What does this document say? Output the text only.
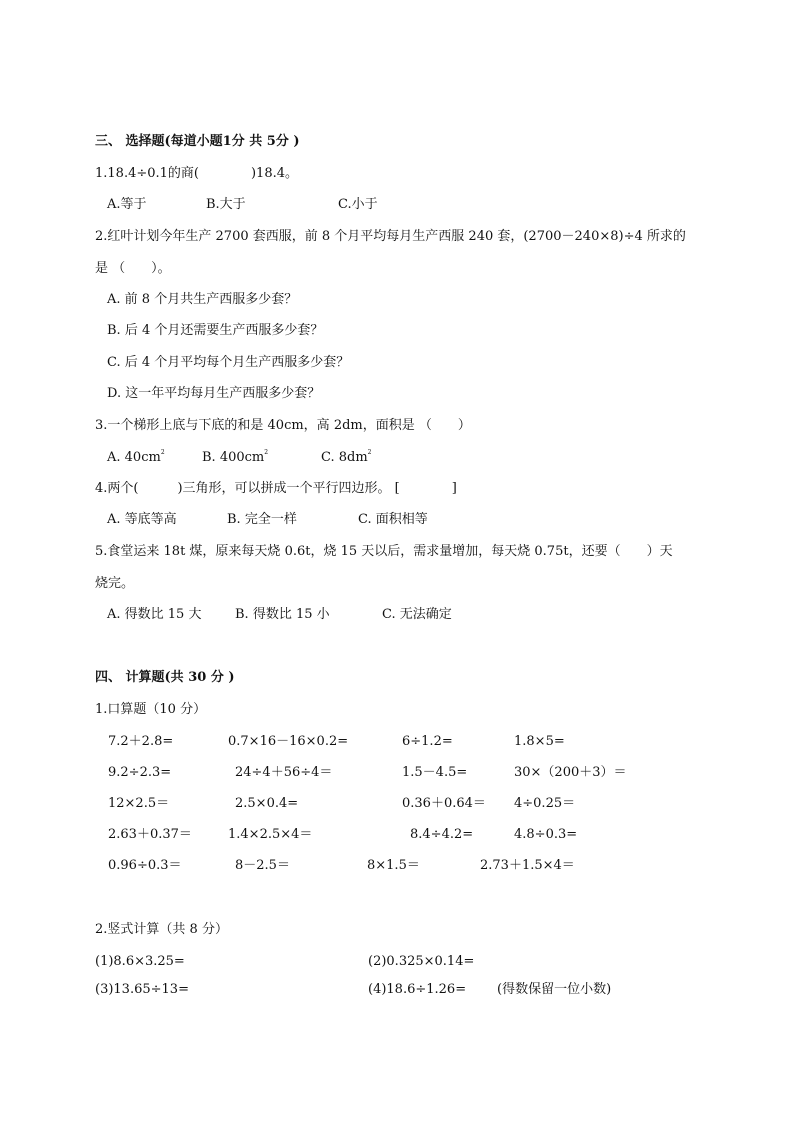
三、 选择题(每道小题1分 共 5分 )
1.18.4÷0.1的商(　　　　)18.4。
A.等于	B.大于	C.小于
2.红叶计划今年生产 2700 套西服，前 8 个月平均每月生产西服 240 套，(2700－240×8)÷4 所求的
是 （　　）。
A. 前 8 个月共生产西服多少套？
B. 后 4 个月还需要生产西服多少套？
C. 后 4 个月平均每个月生产西服多少套？
D. 这一年平均每月生产西服多少套？
3.一个梯形上底与下底的和是 40cm，高 2dm，面积是 （　　）
A. $40cm^2$	B. $400cm^2$	C. $8dm^2$
4.两个(　　　)三角形，可以拼成一个平行四边形。 [　　　　]
A. 等底等高	B. 完全一样	C. 面积相等
5.食堂运来 18t 煤，原来每天烧 0.6t，烧 15 天以后，需求量增加，每天烧 0.75t，还要（　　）天
烧完。
A. 得数比 15 大	B. 得数比 15 小	C. 无法确定
四、 计算题(共 30 分 )
1.口算题（10 分）
7.2＋2.8=	0.7×16－16×0.2=	6÷1.2=	1.8×5=
9.2÷2.3=	24÷4＋56÷4＝	1.5－4.5=	30×（200＋3）＝
12×2.5＝	2.5×0.4=	0.36＋0.64＝ 4÷0.25＝
2.63＋0.37＝	1.4×2.5×4＝	8.4÷4.2=	4.8÷0.3=
0.96÷0.3＝	8－2.5＝	8×1.5＝	2.73＋1.5×4＝
2.竖式计算（共 8 分）
(1)8.6×3.25=	(2)0.325×0.14=
(3)13.65÷13=	(4)18.6÷1.26= (得数保留一位小数)
